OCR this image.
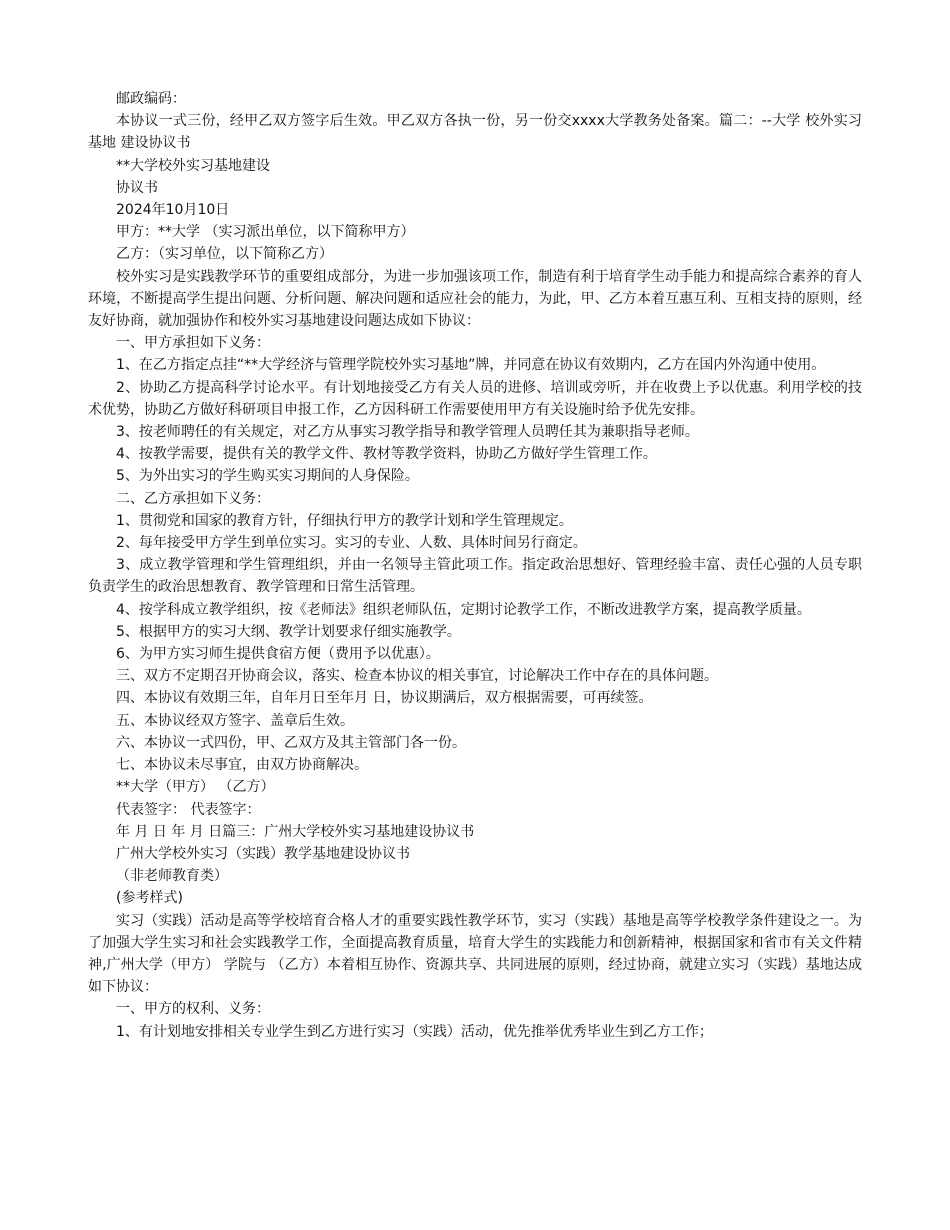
邮政编码：

本协议一式三份，经甲乙双方签字后生效。甲乙双方各执一份，另一份交xxxx大学教务处备案。篇二：--大学 校外实习基地 建设协议书

**大学校外实习基地建设

协议书

2024年10月10日

甲方：**大学 （实习派出单位，以下简称甲方）

乙方：（实习单位，以下简称乙方）

校外实习是实践教学环节的重要组成部分，为进一步加强该项工作，制造有利于培育学生动手能力和提高综合素养的育人环境，不断提高学生提出问题、分析问题、解决问题和适应社会的能力，为此，甲、乙方本着互惠互利、互相支持的原则，经友好协商，就加强协作和校外实习基地建设问题达成如下协议：

一、甲方承担如下义务：

1、在乙方指定点挂“**大学经济与管理学院校外实习基地”牌，并同意在协议有效期内，乙方在国内外沟通中使用。

2、协助乙方提高科学讨论水平。有计划地接受乙方有关人员的进修、培训或旁听，并在收费上予以优惠。利用学校的技术优势，协助乙方做好科研项目申报工作，乙方因科研工作需要使用甲方有关设施时给予优先安排。

3、按老师聘任的有关规定，对乙方从事实习教学指导和教学管理人员聘任其为兼职指导老师。

4、按教学需要，提供有关的教学文件、教材等教学资料，协助乙方做好学生管理工作。

5、为外出实习的学生购买实习期间的人身保险。

二、乙方承担如下义务：

1、贯彻党和国家的教育方针，仔细执行甲方的教学计划和学生管理规定。

2、每年接受甲方学生到单位实习。实习的专业、人数、具体时间另行商定。

3、成立教学管理和学生管理组织，并由一名领导主管此项工作。指定政治思想好、管理经验丰富、责任心强的人员专职负责学生的政治思想教育、教学管理和日常生活管理。

4、按学科成立教学组织，按《老师法》组织老师队伍，定期讨论教学工作，不断改进教学方案，提高教学质量。

5、根据甲方的实习大纲、教学计划要求仔细实施教学。

6、为甲方实习师生提供食宿方便（费用予以优惠）。

三、双方不定期召开协商会议，落实、检查本协议的相关事宜，讨论解决工作中存在的具体问题。

四、本协议有效期三年，自年月日至年月 日，协议期满后，双方根据需要，可再续签。

五、本协议经双方签字、盖章后生效。

六、本协议一式四份，甲、乙双方及其主管部门各一份。

七、本协议未尽事宜，由双方协商解决。

**大学（甲方） （乙方）

代表签字： 代表签字：

年 月 日 年 月 日篇三：广州大学校外实习基地建设协议书

广州大学校外实习（实践）教学基地建设协议书

（非老师教育类）

(参考样式)

实习（实践）活动是高等学校培育合格人才的重要实践性教学环节，实习（实践）基地是高等学校教学条件建设之一。为了加强大学生实习和社会实践教学工作，全面提高教育质量，培育大学生的实践能力和创新精神，根据国家和省市有关文件精神,广州大学（甲方） 学院与 （乙方）本着相互协作、资源共享、共同进展的原则，经过协商，就建立实习（实践）基地达成如下协议：

一、甲方的权利、义务：

1、有计划地安排相关专业学生到乙方进行实习（实践）活动，优先推举优秀毕业生到乙方工作；
